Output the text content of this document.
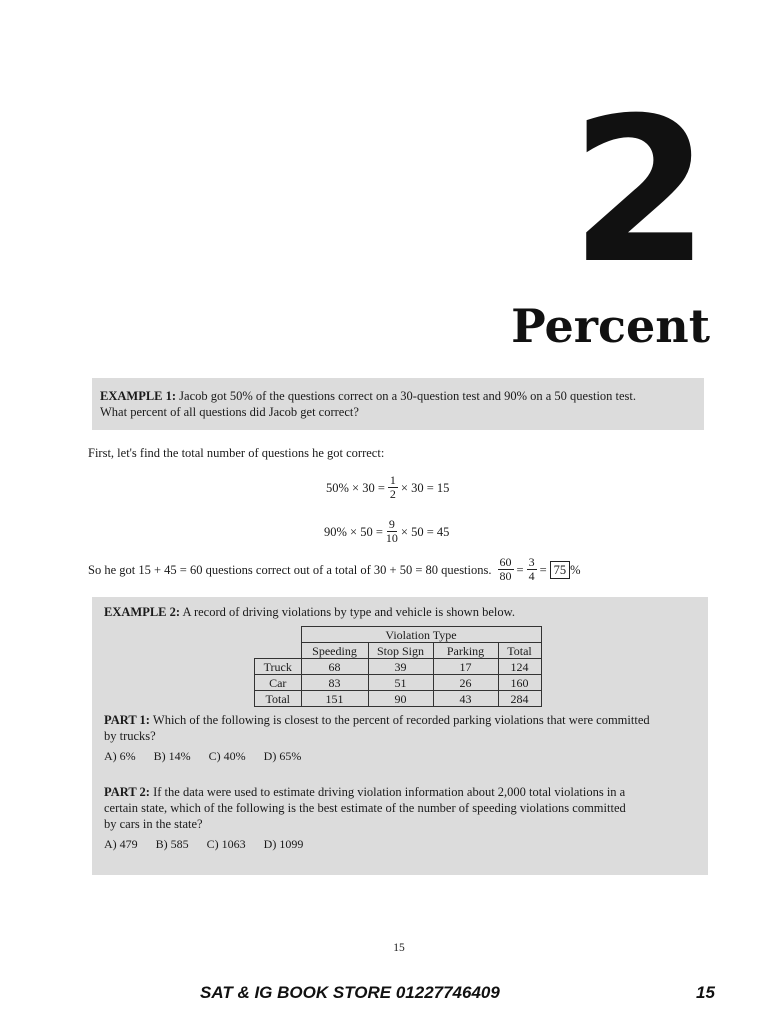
2
Percent
EXAMPLE 1: Jacob got 50% of the questions correct on a 30-question test and 90% on a 50 question test.
What percent of all questions did Jacob get correct?
First, let's find the total number of questions he got correct:
$50\% \times 30 = \frac{1}{2} \times 30 = 15$
$90\% \times 50 = \frac{9}{10} \times 50 = 45$
So he got 15 + 45 = 60 questions correct out of a total of 30 + 50 = 80 questions. $\frac{60}{80} = \frac{3}{4} = 75$ %
EXAMPLE 2: A record of driving violations by type and vehicle is shown below.
	Violation Type			
	Speeding	Stop Sign	Parking	Total
Truck	68	39	17	124
Car	83	51	26	160
Total	151	90	43	284
PART 1: Which of the following is closest to the percent of recorded parking violations that were committed
by trucks?
A) 6% B) 14% C) 40% D) 65%
PART 2: If the data were used to estimate driving violation information about 2,000 total violations in a
certain state, which of the following is the best estimate of the number of speeding violations committed
by cars in the state?
A) 479 B) 585 C) 1063 D) 1099
15
SAT & IG BOOK STORE 01227746409	15
